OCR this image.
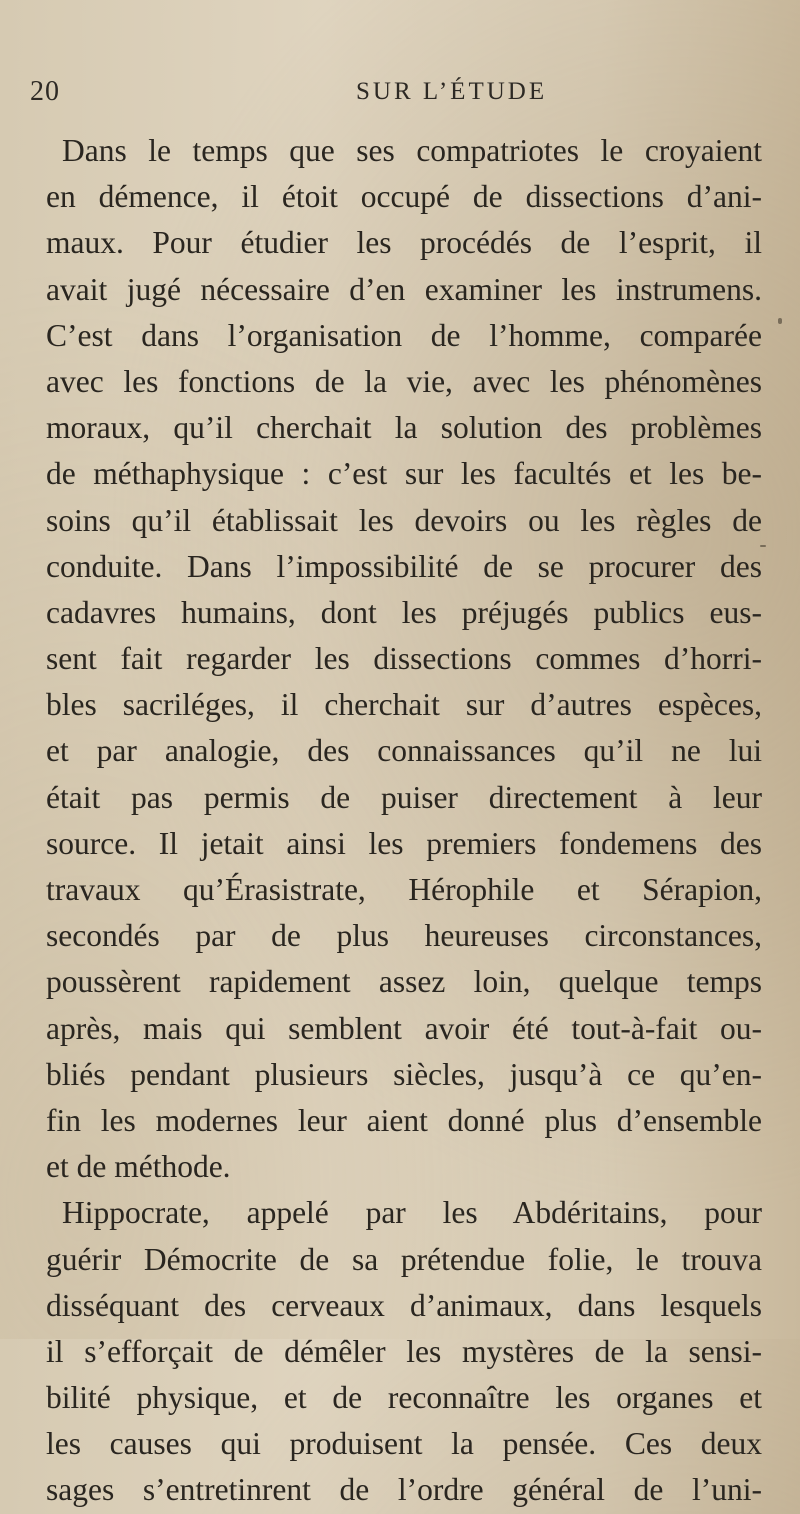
20	SUR L’ÉTUDE
Dans le temps que ses compatriotes le croyaient
en démence, il étoit occupé de dissections d’ani-
maux. Pour étudier les procédés de l’esprit, il
avait jugé nécessaire d’en examiner les instrumens.
C’est dans l’organisation de l’homme, comparée
avec les fonctions de la vie, avec les phénomènes
moraux, qu’il cherchait la solution des problèmes
de méthaphysique : c’est sur les facultés et les be-
soins qu’il établissait les devoirs ou les règles de
conduite. Dans l’impossibilité de se procurer des
cadavres humains, dont les préjugés publics eus-
sent fait regarder les dissections commes d’horri-
bles sacriléges, il cherchait sur d’autres espèces,
et par analogie, des connaissances qu’il ne lui
était pas permis de puiser directement à leur
source. Il jetait ainsi les premiers fondemens des
travaux qu’Érasistrate, Hérophile et Sérapion,
secondés par de plus heureuses circonstances,
poussèrent rapidement assez loin, quelque temps
après, mais qui semblent avoir été tout-à-fait ou-
bliés pendant plusieurs siècles, jusqu’à ce qu’en-
fin les modernes leur aient donné plus d’ensemble
et de méthode.
Hippocrate, appelé par les Abdéritains, pour
guérir Démocrite de sa prétendue folie, le trouva
disséquant des cerveaux d’animaux, dans lesquels
il s’efforçait de démêler les mystères de la sensi-
bilité physique, et de reconnaître les organes et
les causes qui produisent la pensée. Ces deux
sages s’entretinrent de l’ordre général de l’uni-
